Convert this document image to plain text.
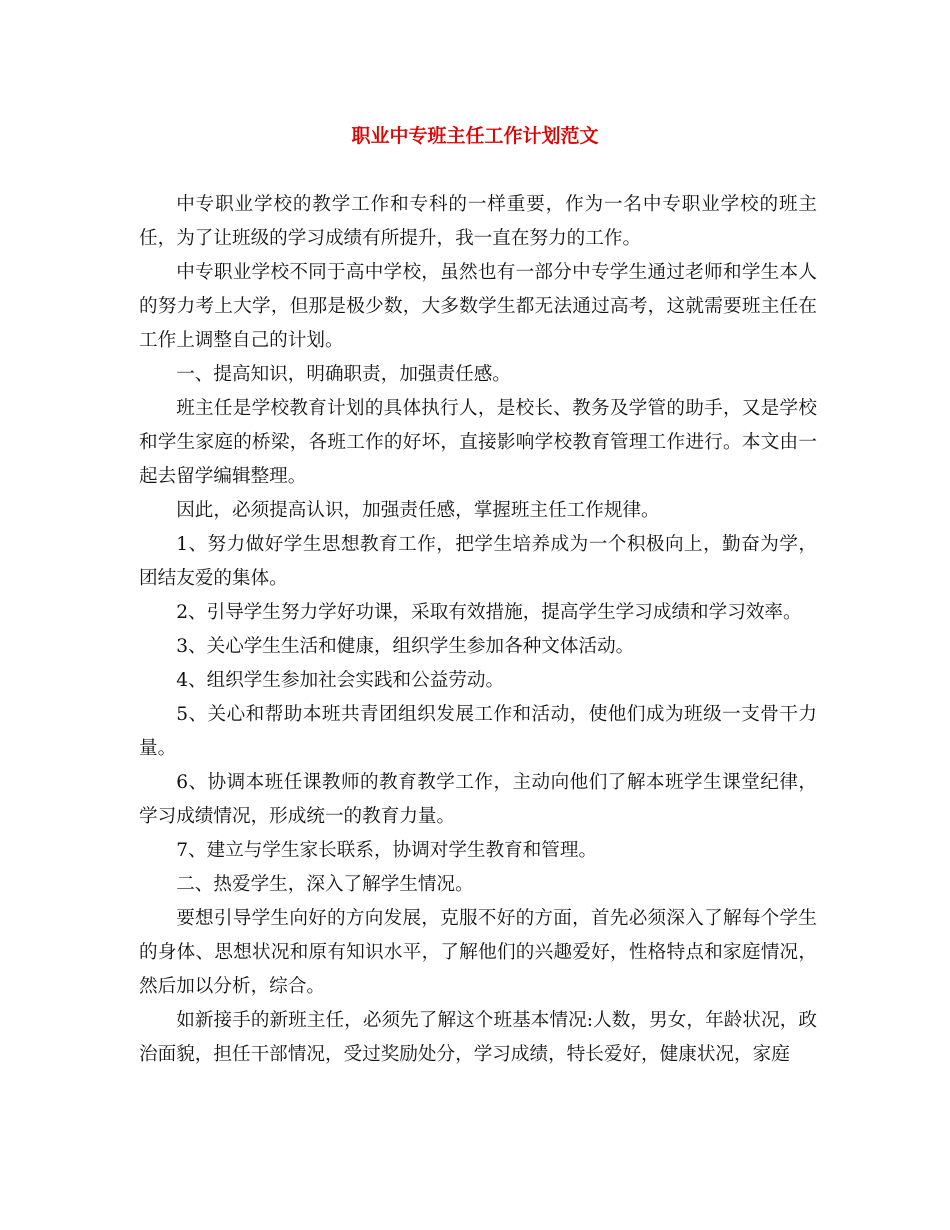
职业中专班主任工作计划范文

中专职业学校的教学工作和专科的一样重要，作为一名中专职业学校的班主任，为了让班级的学习成绩有所提升，我一直在努力的工作。

中专职业学校不同于高中学校，虽然也有一部分中专学生通过老师和学生本人的努力考上大学，但那是极少数，大多数学生都无法通过高考，这就需要班主任在工作上调整自己的计划。

一、提高知识，明确职责，加强责任感。

班主任是学校教育计划的具体执行人，是校长、教务及学管的助手，又是学校和学生家庭的桥梁，各班工作的好坏，直接影响学校教育管理工作进行。本文由一起去留学编辑整理。

因此，必须提高认识，加强责任感，掌握班主任工作规律。

1、努力做好学生思想教育工作，把学生培养成为一个积极向上，勤奋为学，团结友爱的集体。

2、引导学生努力学好功课，采取有效措施，提高学生学习成绩和学习效率。

3、关心学生生活和健康，组织学生参加各种文体活动。

4、组织学生参加社会实践和公益劳动。

5、关心和帮助本班共青团组织发展工作和活动，使他们成为班级一支骨干力量。

6、协调本班任课教师的教育教学工作，主动向他们了解本班学生课堂纪律，学习成绩情况，形成统一的教育力量。

7、建立与学生家长联系，协调对学生教育和管理。

二、热爱学生，深入了解学生情况。

要想引导学生向好的方向发展，克服不好的方面，首先必须深入了解每个学生的身体、思想状况和原有知识水平，了解他们的兴趣爱好，性格特点和家庭情况，然后加以分析，综合。

如新接手的新班主任，必须先了解这个班基本情况:人数，男女，年龄状况，政治面貌，担任干部情况，受过奖励处分，学习成绩，特长爱好，健康状况，家庭
